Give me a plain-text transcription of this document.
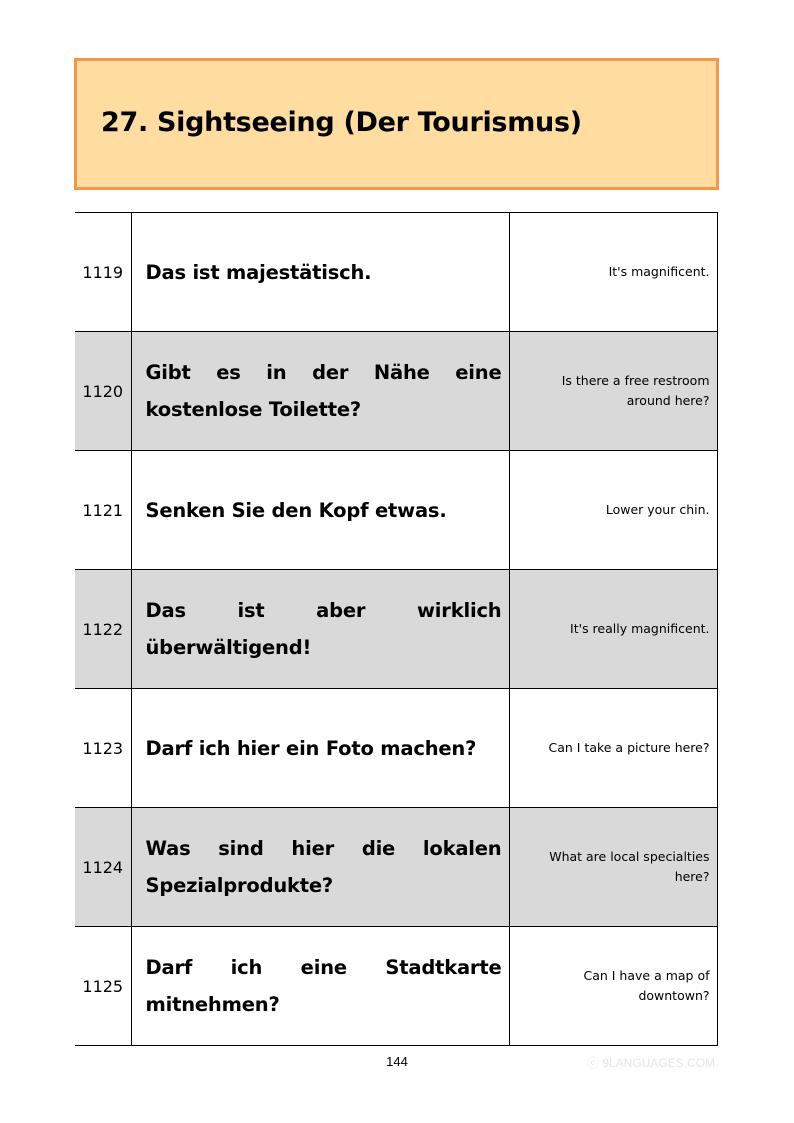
27. Sightseeing (Der Tourismus)
1119	Das ist majestätisch.	It's magnificent.
1120	Gibt es in der Nähe eine kostenlose Toilette?	Is there a free restroom around here?
1121	Senken Sie den Kopf etwas.	Lower your chin.
1122	Das ist aber wirklich überwältigend!	It's really magnificent.
1123	Darf ich hier ein Foto machen?	Can I take a picture here?
1124	Was sind hier die lokalen Spezialprodukte?	What are local specialties here?
1125	Darf ich eine Stadtkarte mitnehmen?	Can I have a map of downtown?
144	ⓒ 9LANGUAGES.COM
